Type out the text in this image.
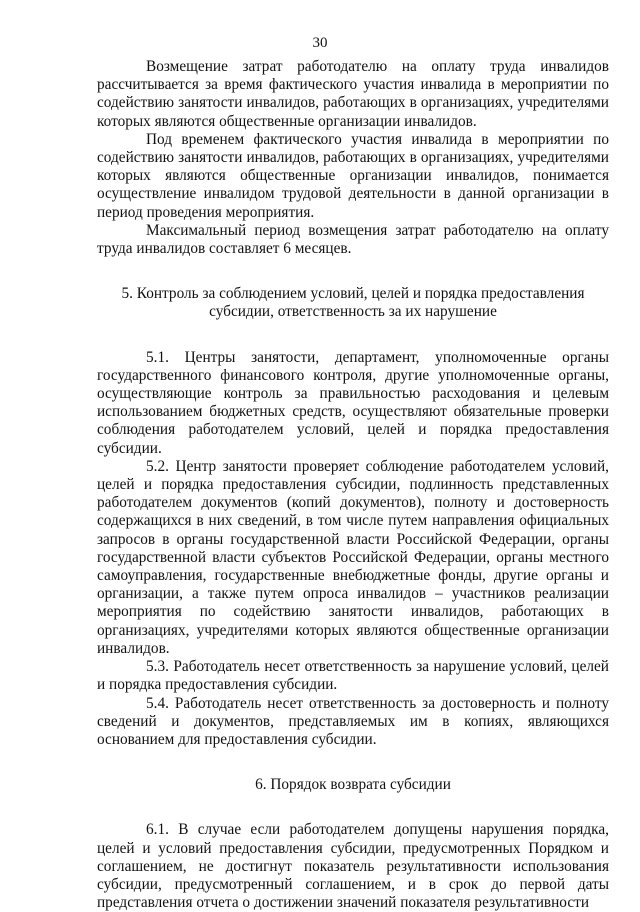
30

Возмещение затрат работодателю на оплату труда инвалидов рассчитывается за время фактического участия инвалида в мероприятии по содействию занятости инвалидов, работающих в организациях, учредителями которых являются общественные организации инвалидов.

Под временем фактического участия инвалида в мероприятии по содействию занятости инвалидов, работающих в организациях, учредителями которых являются общественные организации инвалидов, понимается осуществление инвалидом трудовой деятельности в данной организации в период проведения мероприятия.

Максимальный период возмещения затрат работодателю на оплату труда инвалидов составляет 6 месяцев.

5. Контроль за соблюдением условий, целей и порядка предоставления

субсидии, ответственность за их нарушение

5.1. Центры занятости, департамент, уполномоченные органы государственного финансового контроля, другие уполномоченные органы, осуществляющие контроль за правильностью расходования и целевым использованием бюджетных средств, осуществляют обязательные проверки соблюдения работодателем условий, целей и порядка предоставления субсидии.

5.2. Центр занятости проверяет соблюдение работодателем условий, целей и порядка предоставления субсидии, подлинность представленных работодателем документов (копий документов), полноту и достоверность содержащихся в них сведений, в том числе путем направления официальных запросов в органы государственной власти Российской Федерации, органы государственной власти субъектов Российской Федерации, органы местного самоуправления, государственные внебюджетные фонды, другие органы и организации, а также путем опроса инвалидов – участников реализации мероприятия по содействию занятости инвалидов, работающих в организациях, учредителями которых являются общественные организации инвалидов.

5.3. Работодатель несет ответственность за нарушение условий, целей и порядка предоставления субсидии.

5.4. Работодатель несет ответственность за достоверность и полноту сведений и документов, представляемых им в копиях, являющихся основанием для предоставления субсидии.

6. Порядок возврата субсидии

6.1. В случае если работодателем допущены нарушения порядка, целей и условий предоставления субсидии, предусмотренных Порядком и соглашением, не достигнут показатель результативности использования субсидии, предусмотренный соглашением, и в срок до первой даты представления отчета о достижении значений показателя результативности
